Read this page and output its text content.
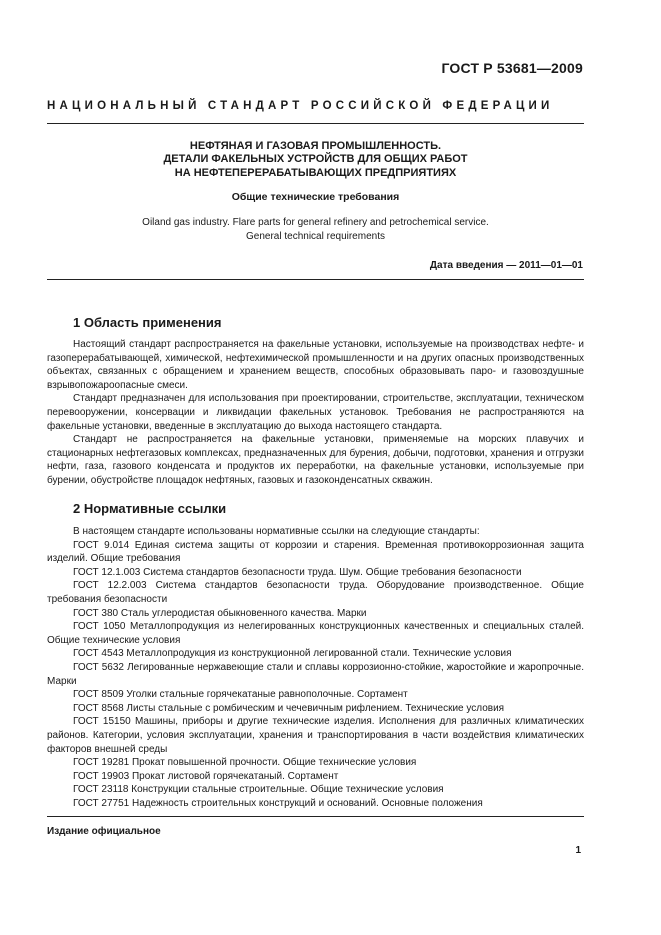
ГОСТ Р 53681—2009
НАЦИОНАЛЬНЫЙ СТАНДАРТ РОССИЙСКОЙ ФЕДЕРАЦИИ
НЕФТЯНАЯ И ГАЗОВАЯ ПРОМЫШЛЕННОСТЬ.
ДЕТАЛИ ФАКЕЛЬНЫХ УСТРОЙСТВ ДЛЯ ОБЩИХ РАБОТ
НА НЕФТЕПЕРЕРАБАТЫВАЮЩИХ ПРЕДПРИЯТИЯХ
Общие технические требования
Oiland gas industry. Flare parts for general refinery and petrochemical service.
General technical requirements
Дата введения — 2011—01—01
1 Область применения

Настоящий стандарт распространяется на факельные установки, используемые на производствах нефте- и газоперерабатывающей, химической, нефтехимической промышленности и на других опасных производственных объектах, связанных с обращением и хранением веществ, способных образовывать паро- и газовоздушные взрывопожароопасные смеси.

Стандарт предназначен для использования при проектировании, строительстве, эксплуатации, техническом перевооружении, консервации и ликвидации факельных установок. Требования не распространяются на факельные установки, введенные в эксплуатацию до выхода настоящего стандарта.

Стандарт не распространяется на факельные установки, применяемые на морских плавучих и стационарных нефтегазовых комплексах, предназначенных для бурения, добычи, подготовки, хранения и отгрузки нефти, газа, газового конденсата и продуктов их переработки, на факельные установки, используемые при бурении, обустройстве площадок нефтяных, газовых и газоконденсатных скважин.

2 Нормативные ссылки

В настоящем стандарте использованы нормативные ссылки на следующие стандарты:

ГОСТ 9.014 Единая система защиты от коррозии и старения. Временная противокоррозионная защита изделий. Общие требования

ГОСТ 12.1.003 Система стандартов безопасности труда. Шум. Общие требования безопасности

ГОСТ 12.2.003 Система стандартов безопасности труда. Оборудование производственное. Общие требования безопасности

ГОСТ 380 Сталь углеродистая обыкновенного качества. Марки

ГОСТ 1050 Металлопродукция из нелегированных конструкционных качественных и специальных сталей. Общие технические условия

ГОСТ 4543 Металлопродукция из конструкционной легированной стали. Технические условия

ГОСТ 5632 Легированные нержавеющие стали и сплавы коррозионно-стойкие, жаростойкие и жаропрочные. Марки

ГОСТ 8509 Уголки стальные горячекатаные равнополочные. Сортамент

ГОСТ 8568 Листы стальные с ромбическим и чечевичным рифлением. Технические условия

ГОСТ 15150 Машины, приборы и другие технические изделия. Исполнения для различных климатических районов. Категории, условия эксплуатации, хранения и транспортирования в части воздействия климатических факторов внешней среды

ГОСТ 19281 Прокат повышенной прочности. Общие технические условия

ГОСТ 19903 Прокат листовой горячекатаный. Сортамент

ГОСТ 23118 Конструкции стальные строительные. Общие технические условия

ГОСТ 27751 Надежность строительных конструкций и оснований. Основные положения

Издание официальное
1
